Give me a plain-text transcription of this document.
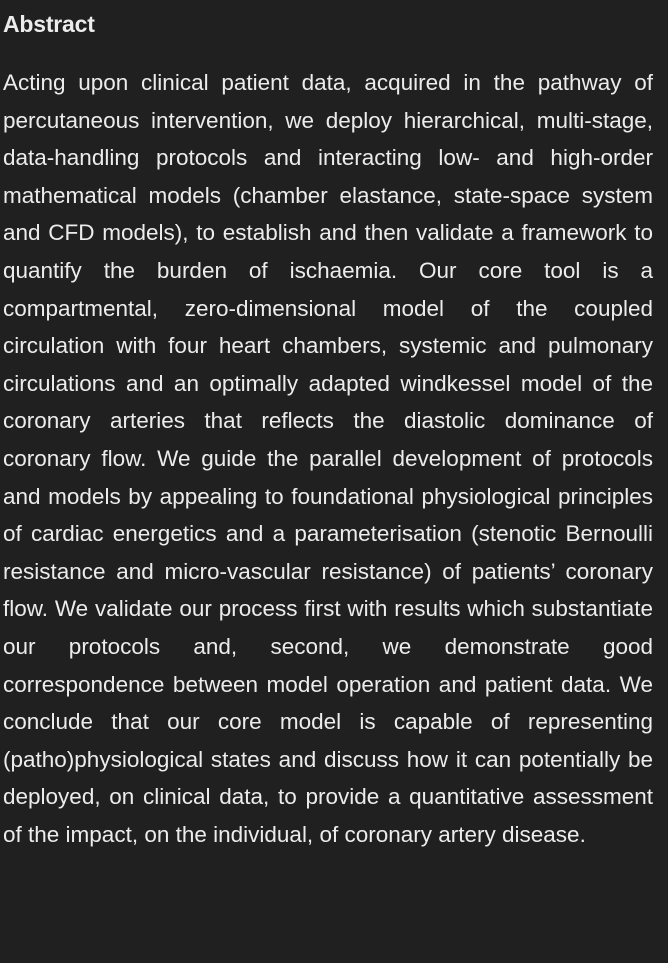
Abstract

Acting upon clinical patient data, acquired in the pathway of percutaneous intervention, we deploy hierarchical, multi-stage, data-handling protocols and interacting low- and high-order mathematical models (chamber elastance, state-space system and CFD models), to establish and then validate a framework to quantify the burden of ischaemia. Our core tool is a compartmental, zero-dimensional model of the coupled circulation with four heart chambers, systemic and pulmonary circulations and an optimally adapted windkessel model of the coronary arteries that reflects the diastolic dominance of coronary flow. We guide the parallel development of protocols and models by appealing to foundational physiological principles of cardiac energetics and a parameterisation (stenotic Bernoulli resistance and micro-vascular resistance) of patients’ coronary flow. We validate our process first with results which substantiate our protocols and, second, we demonstrate good correspondence between model operation and patient data. We conclude that our core model is capable of representing (patho)physiological states and discuss how it can potentially be deployed, on clinical data, to provide a quantitative assessment of the impact, on the individual, of coronary artery disease.
